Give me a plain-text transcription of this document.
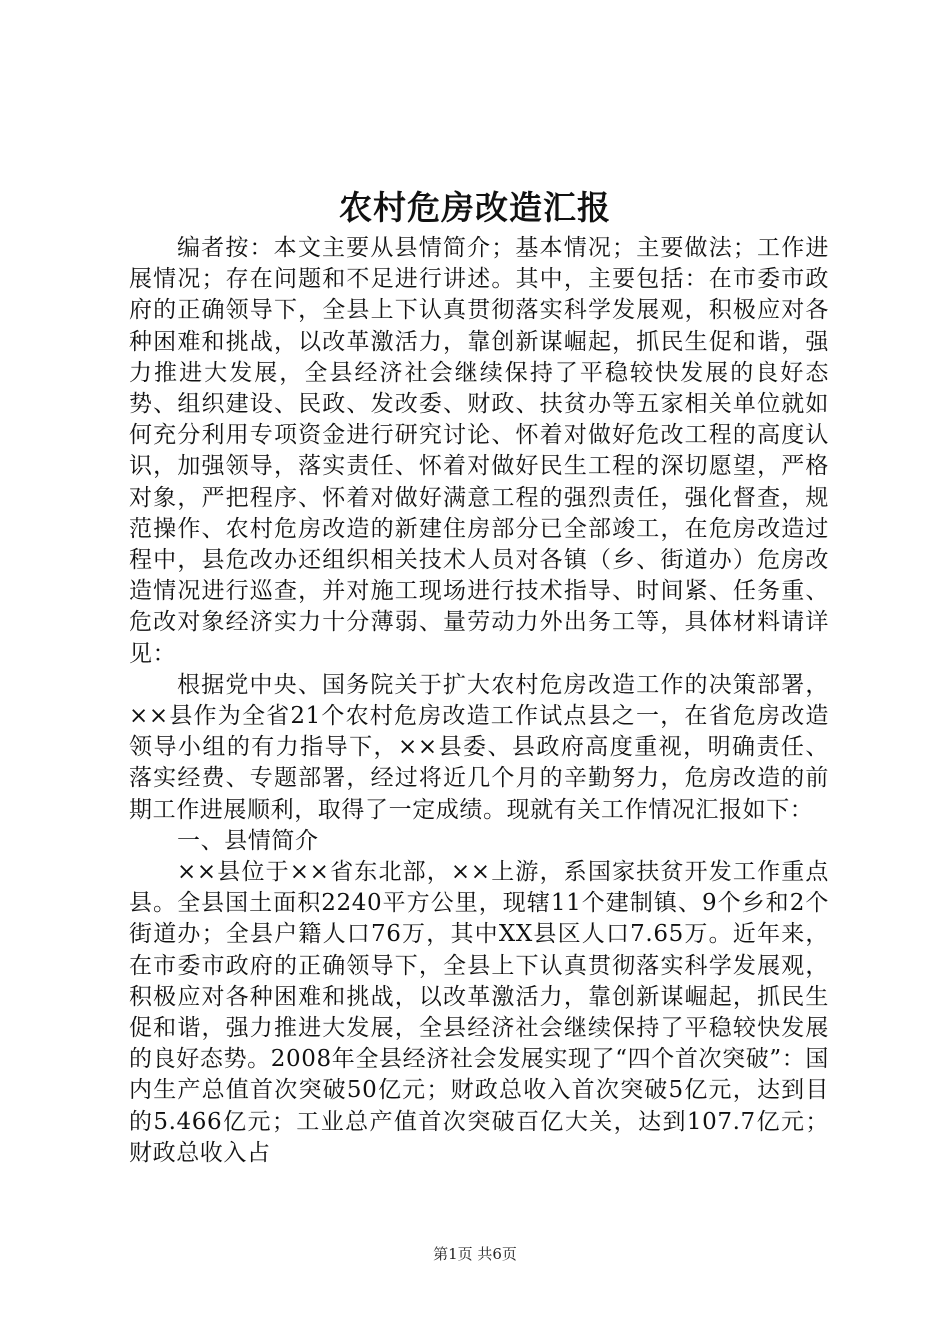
农村危房改造汇报

编者按：本文主要从县情简介；基本情况；主要做法；工作进展情况；存在问题和不足进行讲述。其中，主要包括：在市委市政府的正确领导下，全县上下认真贯彻落实科学发展观，积极应对各种困难和挑战，以改革激活力，靠创新谋崛起，抓民生促和谐，强力推进大发展，全县经济社会继续保持了平稳较快发展的良好态势、组织建设、民政、发改委、财政、扶贫办等五家相关单位就如何充分利用专项资金进行研究讨论、怀着对做好危改工程的高度认识，加强领导，落实责任、怀着对做好民生工程的深切愿望，严格对象，严把程序、怀着对做好满意工程的强烈责任，强化督查，规范操作、农村危房改造的新建住房部分已全部竣工，在危房改造过程中，县危改办还组织相关技术人员对各镇（乡、街道办）危房改造情况进行巡查，并对施工现场进行技术指导、时间紧、任务重、危改对象经济实力十分薄弱、量劳动力外出务工等，具体材料请详见：

根据党中央、国务院关于扩大农村危房改造工作的决策部署，××县作为全省21个农村危房改造工作试点县之一，在省危房改造领导小组的有力指导下，××县委、县政府高度重视，明确责任、落实经费、专题部署，经过将近几个月的辛勤努力，危房改造的前期工作进展顺利，取得了一定成绩。现就有关工作情况汇报如下：

一、县情简介

××县位于××省东北部，××上游，系国家扶贫开发工作重点县。全县国土面积2240平方公里，现辖11个建制镇、9个乡和2个街道办；全县户籍人口76万，其中XX县区人口7.65万。近年来，在市委市政府的正确领导下，全县上下认真贯彻落实科学发展观，积极应对各种困难和挑战，以改革激活力，靠创新谋崛起，抓民生促和谐，强力推进大发展，全县经济社会继续保持了平稳较快发展的良好态势。2008年全县经济社会发展实现了“四个首次突破”：国内生产总值首次突破50亿元；财政总收入首次突破5亿元，达到目的5.466亿元；工业总产值首次突破百亿大关，达到107.7亿元；财政总收入占

第1页 共6页
